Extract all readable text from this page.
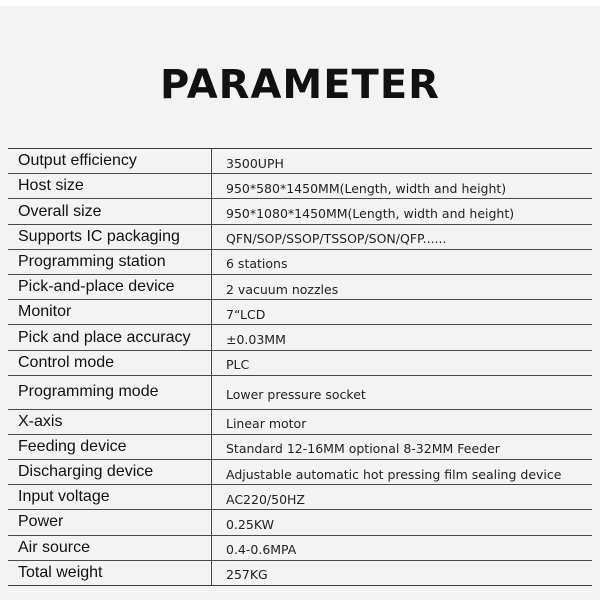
PARAMETER
Output efficiency	3500UPH
Host size	950*580*1450MM(Length, width and height)
Overall size	950*1080*1450MM(Length, width and height)
Supports IC packaging	QFN/SOP/SSOP/TSSOP/SON/QFP......
Programming station	6 stations
Pick-and-place device	2 vacuum nozzles
Monitor	7“LCD
Pick and place accuracy	±0.03MM
Control mode	PLC
Programming mode	Lower pressure socket
X-axis	Linear motor
Feeding device	Standard 12-16MM optional 8-32MM Feeder
Discharging device	Adjustable automatic hot pressing film sealing device
Input voltage	AC220/50HZ
Power	0.25KW
Air source	0.4-0.6MPA
Total weight	257KG
